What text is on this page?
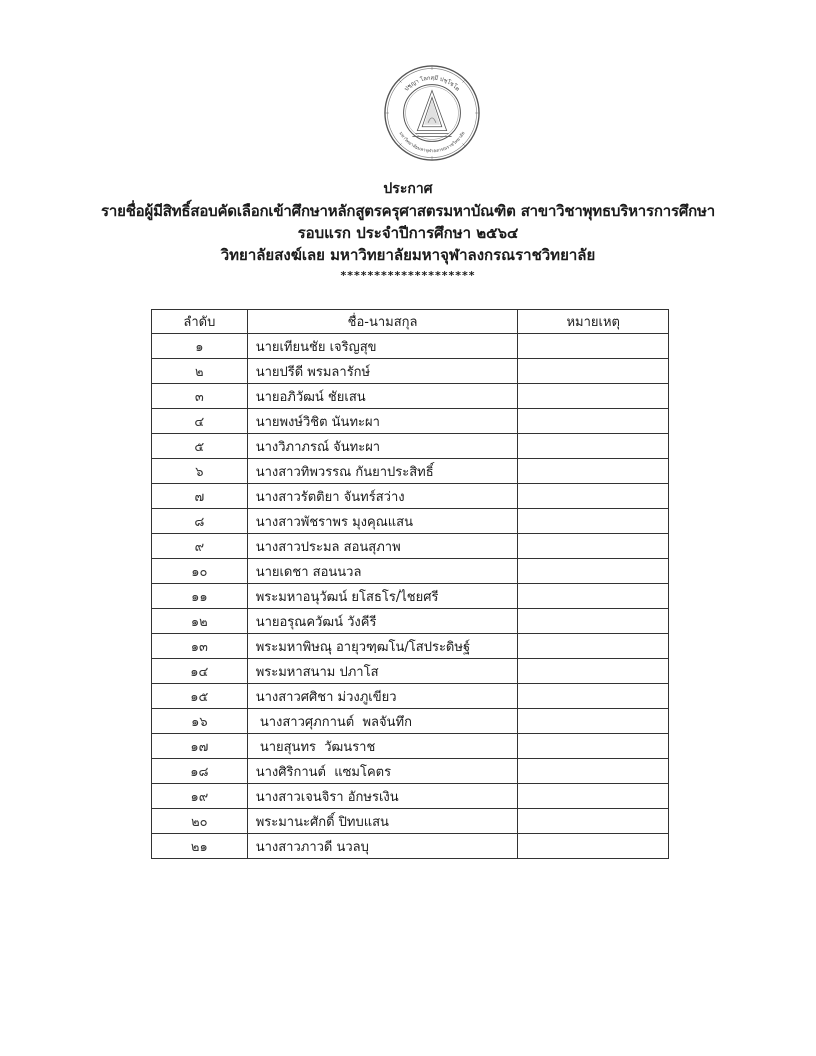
ปชฺญา โลกสฺมึ ปชฺโชโต
มหาวิทยาลัยมหาจุฬาลงกรณราชวิทยาลัย
ประกาศ
รายชื่อผู้มีสิทธิ์สอบคัดเลือกเข้าศึกษาหลักสูตรครุศาสตรมหาบัณฑิต สาขาวิชาพุทธบริหารการศึกษา
รอบแรก ประจำปีการศึกษา ๒๕๖๔
วิทยาลัยสงฆ์เลย มหาวิทยาลัยมหาจุฬาลงกรณราชวิทยาลัย
********************
ลำดับ	ชื่อ-นามสกุล	หมายเหตุ
๑	นายเทียนชัย เจริญสุข	
๒	นายปรีดี พรมลารักษ์	
๓	นายอภิวัฒน์ ชัยเสน	
๔	นายพงษ์วิชิต นันทะผา	
๕	นางวิภาภรณ์ จันทะผา	
๖	นางสาวทิพวรรณ กันยาประสิทธิ์	
๗	นางสาวรัตติยา จันทร์สว่าง	
๘	นางสาวพัชราพร มุงคุณแสน	
๙	นางสาวประมล สอนสุภาพ	
๑๐	นายเดชา สอนนวล	
๑๑	พระมหาอนุวัฒน์ ยโสธโร/ไชยศรี	
๑๒	นายอรุณควัฒน์ วังคีรี	
๑๓	พระมหาพิษณุ อายุวฑฺฒโน/โสประดิษฐ์	
๑๔	พระมหาสนาม ปภาโส	
๑๕	นางสาวศศิชา ม่วงภูเขียว	
๑๖	นางสาวศุภกานต์  พลจันทึก	
๑๗	นายสุนทร  วัฒนราช	
๑๘	นางศิริกานต์  แซมโคตร	
๑๙	นางสาวเจนจิรา อักษรเงิน	
๒๐	พระมานะศักดิ์ ปิทบแสน	
๒๑	นางสาวภาวดี นวลบุ	
